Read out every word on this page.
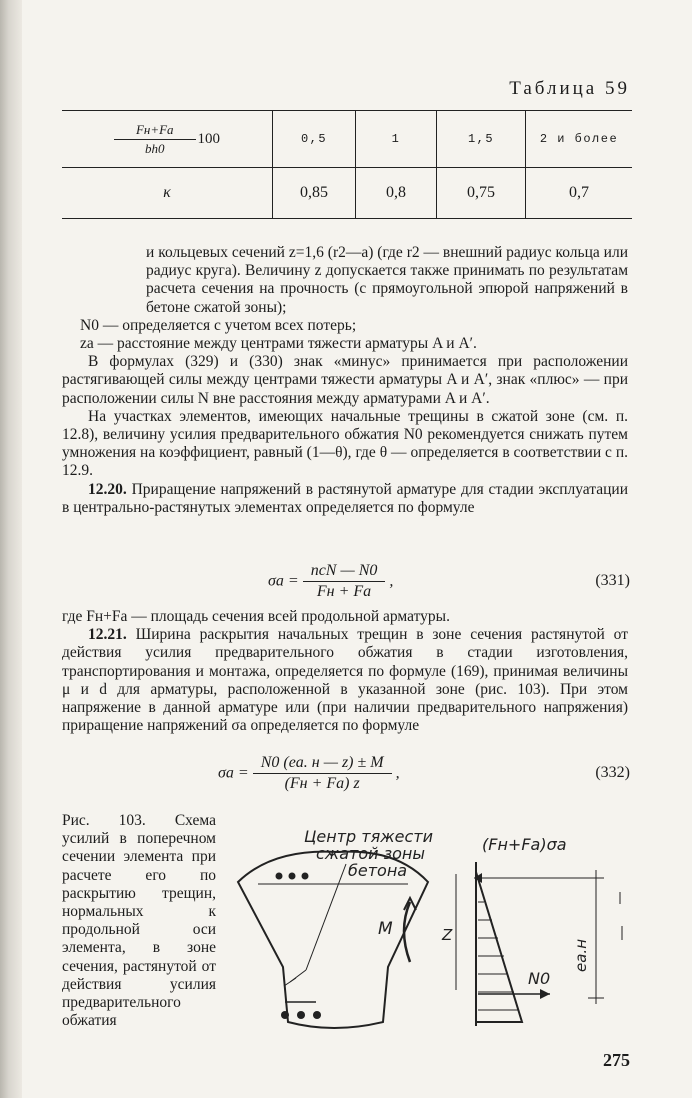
Таблица 59
$\frac{Fн+Fа}{bh0} 100$	0,5	1	1,5	2 и более
κ	0,85	0,8	0,75	0,7

и кольцевых сечений z=1,6 (r2—a) (где r2 — внешний радиус кольца или радиус круга). Величину z допускается также принимать по результатам расчета сечения на прочность (с прямоугольной эпюрой напряжений в бетоне сжатой зоны);

N0 — определяется с учетом всех потерь;

zа — расстояние между центрами тяжести арматуры A и A′.

В формулах (329) и (330) знак «минус» принимается при расположении растягивающей силы между центрами тяжести арматуры A и A′, знак «плюс» — при расположении силы N вне расстояния между арматурами A и A′.

На участках элементов, имеющих начальные трещины в сжатой зоне (см. п. 12.8), величину усилия предварительного обжатия N0 рекомендуется снижать путем умножения на коэффициент, равный (1—θ), где θ — определяется в соответствии с п. 12.9.

12.20. Приращение напряжений в растянутой арматуре для стадии эксплуатации в центрально-растянутых элементах определяется по формуле

$\sigma а = \frac{\text{nсN — N0}}{Fн + Fа}$ ,	(331)

где Fн+Fа — площадь сечения всей продольной арматуры.

12.21. Ширина раскрытия начальных трещин в зоне сечения растянутой от действия усилия предварительного обжатия в стадии изготовления, транспортирования и монтажа, определяется по формуле (169), принимая величины μ и d для арматуры, расположенной в указанной зоне (рис. 103). При этом напряжение в данной арматуре или (при наличии предварительного напряжения) приращение напряжений σа определяется по формуле

$\sigma а = \frac{N0 (eа. н — z) \pm M}{(Fн + Fа) z}$ ,	(332)
Рис. 103. Схема усилий в поперечном сечении элемента при расчете его по раскрытию трещин, нормальных к продольной оси элемента, в зоне сечения, растянутой от действия усилия предварительного обжатия
Центр тяжести
сжатой зоны
бетона
M	Z
(Fн+Fа)σа
N0
eа.н
275
